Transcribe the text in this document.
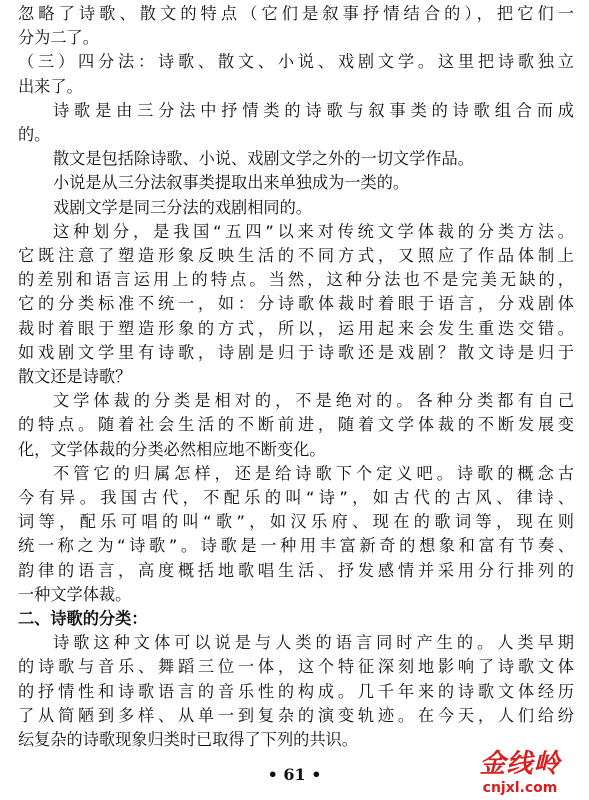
忽略了诗歌、散文的特点（它们是叙事抒情结合的），把它们一
分为二了。
（三）四分法：诗歌、散文、小说、戏剧文学。这里把诗歌独立
出来了。
诗歌是由三分法中抒情类的诗歌与叙事类的诗歌组合而成
的。
散文是包括除诗歌、小说、戏剧文学之外的一切文学作品。
小说是从三分法叙事类提取出来单独成为一类的。
戏剧文学是同三分法的戏剧相同的。
这种划分，是我国“五四”以来对传统文学体裁的分类方法。
它既注意了塑造形象反映生活的不同方式，又照应了作品体制上
的差别和语言运用上的特点。当然，这种分法也不是完美无缺的，
它的分类标准不统一，如：分诗歌体裁时着眼于语言，分戏剧体
裁时着眼于塑造形象的方式，所以，运用起来会发生重迭交错。
如戏剧文学里有诗歌，诗剧是归于诗歌还是戏剧？散文诗是归于
散文还是诗歌？
文学体裁的分类是相对的，不是绝对的。各种分类都有自己
的特点。随着社会生活的不断前进，随着文学体裁的不断发展变
化，文学体裁的分类必然相应地不断变化。
不管它的归属怎样，还是给诗歌下个定义吧。诗歌的概念古
今有异。我国古代，不配乐的叫“诗”，如古代的古风、律诗、
词等，配乐可唱的叫“歌”，如汉乐府、现在的歌词等，现在则
统一称之为“诗歌”。诗歌是一种用丰富新奇的想象和富有节奏、
韵律的语言，高度概括地歌唱生活、抒发感情并采用分行排列的
一种文学体裁。
二、诗歌的分类：
诗歌这种文体可以说是与人类的语言同时产生的。人类早期
的诗歌与音乐、舞蹈三位一体，这个特征深刻地影响了诗歌文体
的抒情性和诗歌语言的音乐性的构成。几千年来的诗歌文体经历
了从简陋到多样、从单一到复杂的演变轨迹。在今天，人们给纷
纭复杂的诗歌现象归类时已取得了下列的共识。
• 61 •	金线岭
cnjxl.com
